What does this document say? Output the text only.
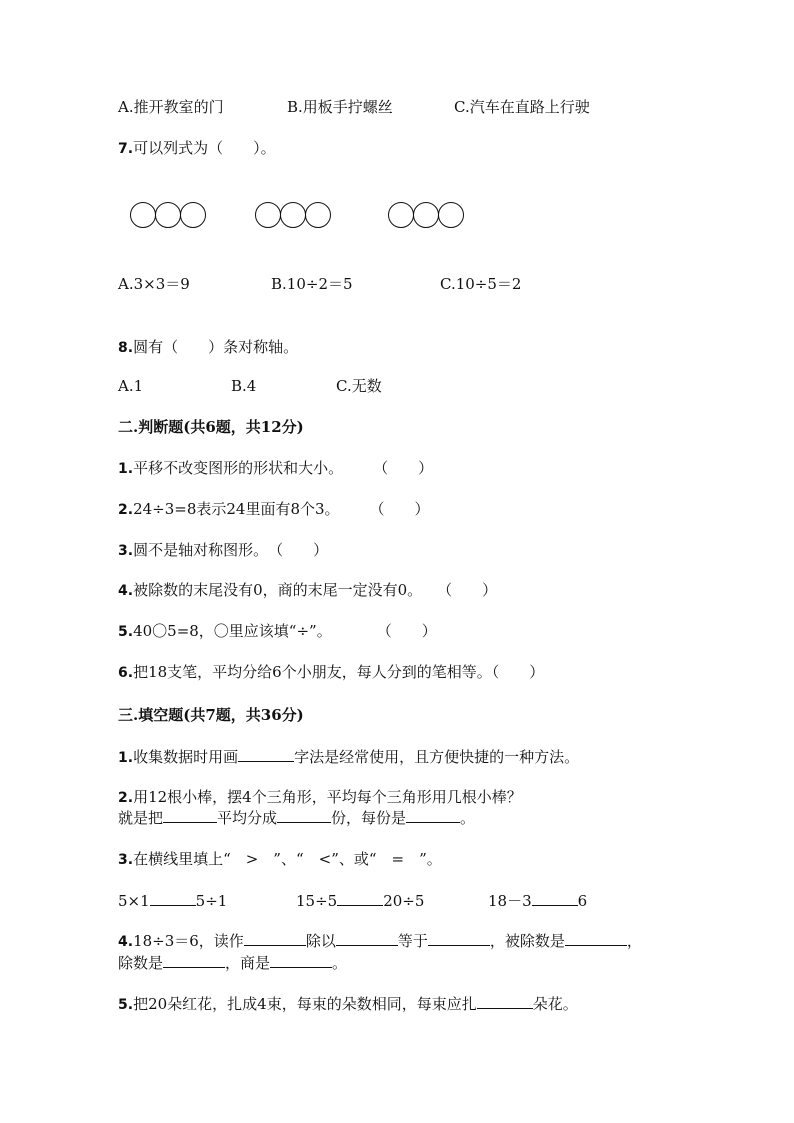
A.推开教室的门	B.用板手拧螺丝	C.汽车在直路上行驶
7.可以列式为（　　）。
A.3×3＝9	B.10÷2＝5	C.10÷5＝2
8.圆有（　　）条对称轴。
A.1	B.4	C.无数
二.判断题(共6题，共12分)
1.平移不改变图形的形状和大小。　　　（　　）
2.24÷3=8表示24里面有8个3。　　　（　　）
3.圆不是轴对称图形。　（　　）
4.被除数的末尾没有0，商的末尾一定没有0。　　（　　）
5.40〇5=8，〇里应该填“÷”。　　　　（　　）
6.把18支笔，平均分给6个小朋友，每人分到的笔相等。（　　）
三.填空题(共7题，共36分)
1.收集数据时用画	字法是经常使用，且方便快捷的一种方法。
2.用12根小棒，摆4个三角形，平均每个三角形用几根小棒？
就是把	平均分成	份，每份是	。
3.在横线里填上“　>　”、“　<”、或“　=　”。
5×1	5÷1	15÷5	20÷5	18－3	6
4.18÷3＝6，读作	除以	等于	，被除数是	，
除数是	，商是	。
5.把20朵红花，扎成4束，每束的朵数相同，每束应扎	朵花。
